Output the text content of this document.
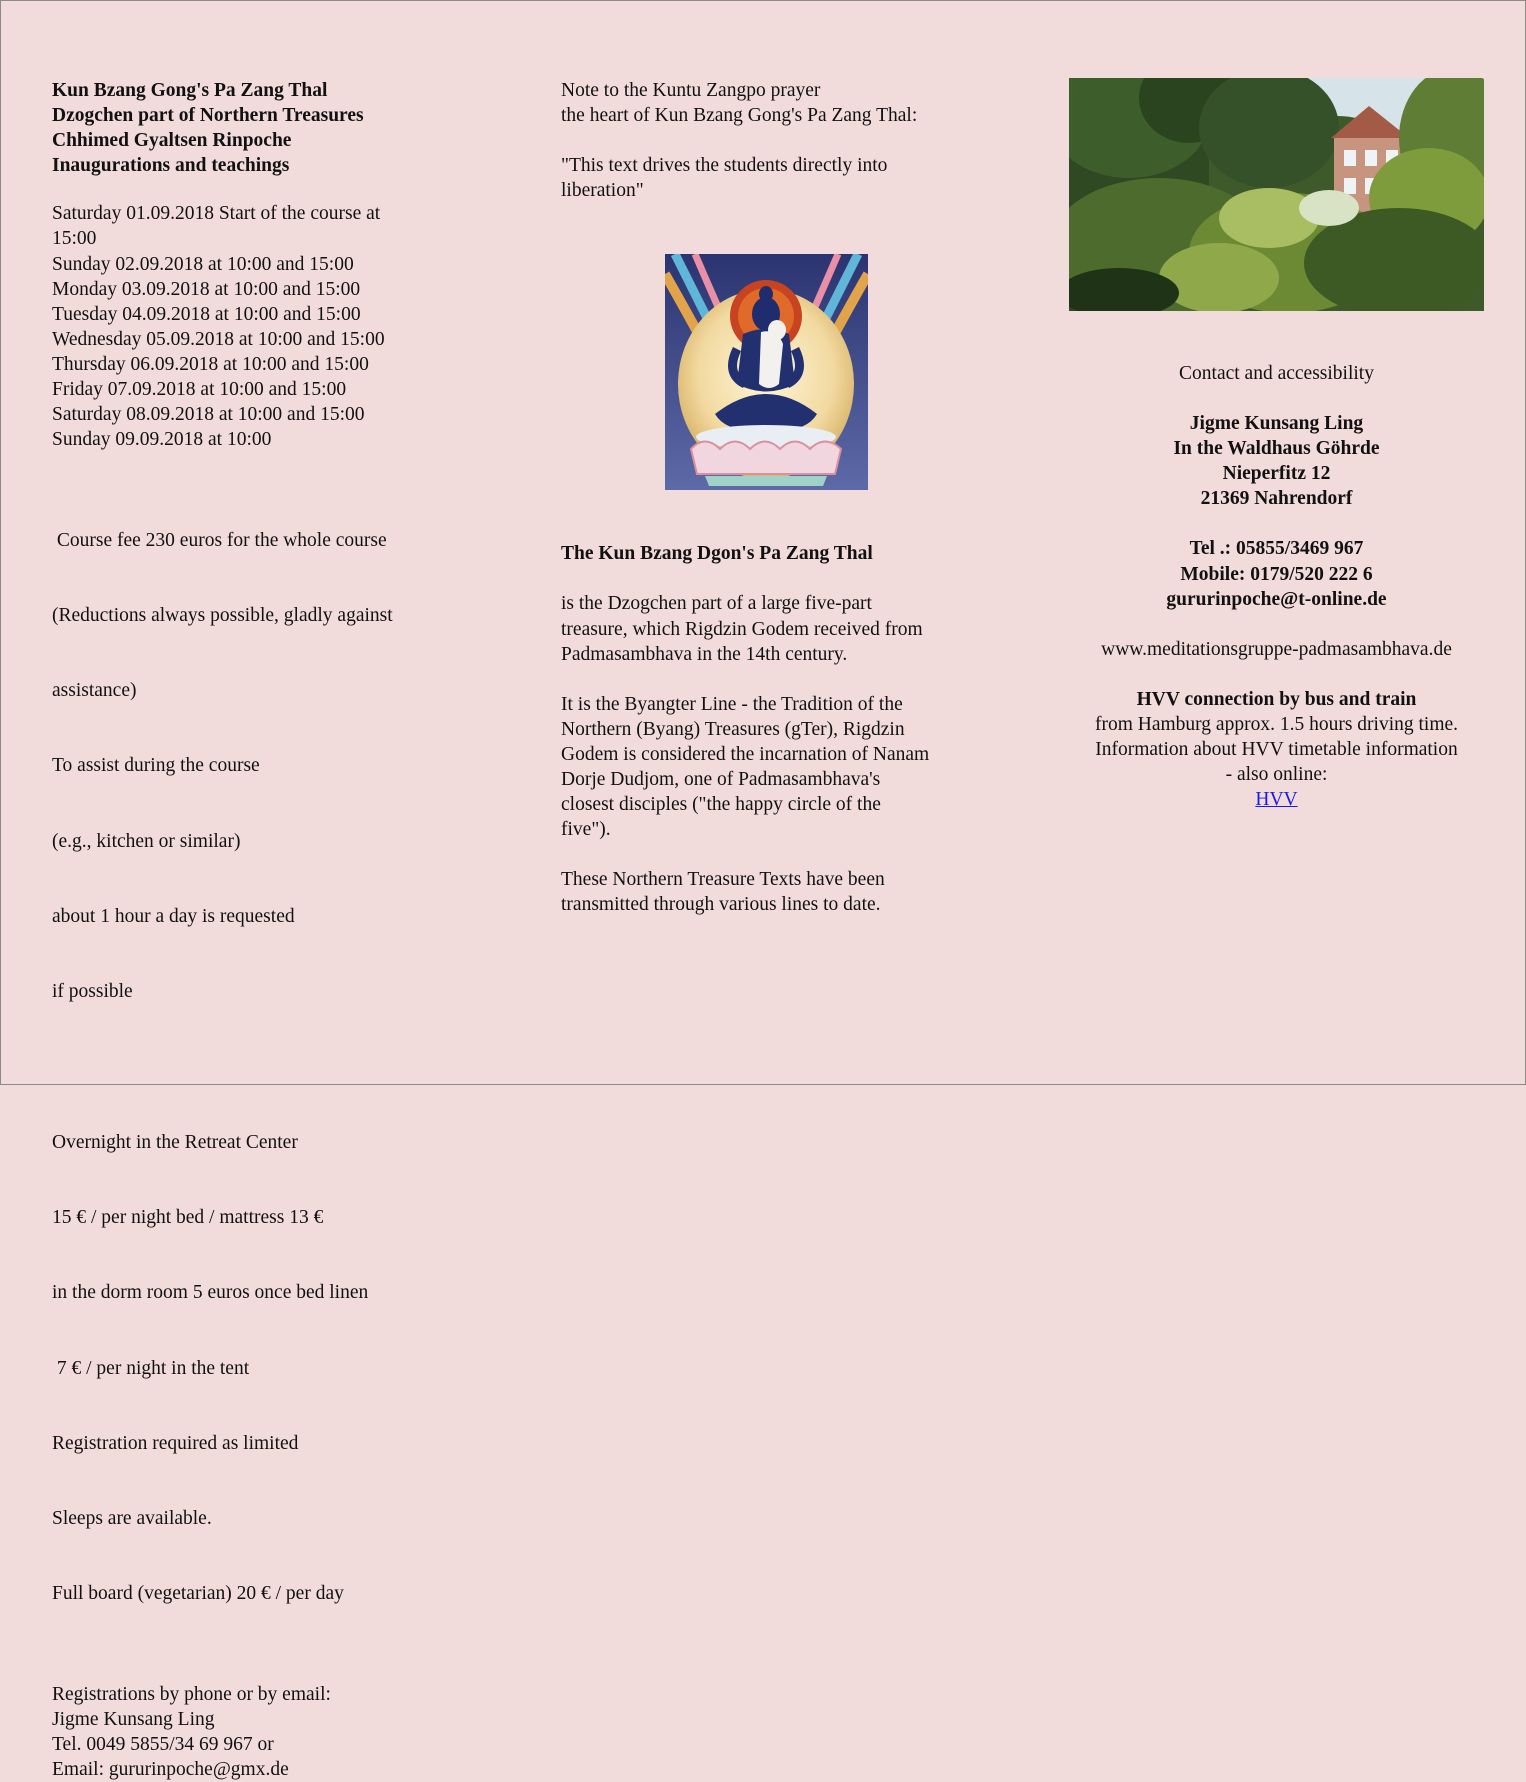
Kun Bzang Gong's Pa Zang Thal

Dzogchen part of Northern Treasures

Chhimed Gyaltsen Rinpoche

Inaugurations and teachings

Saturday 01.09.2018 Start of the course at

15:00

Sunday 02.09.2018 at 10:00 and 15:00

Monday 03.09.2018 at 10:00 and 15:00

Tuesday 04.09.2018 at 10:00 and 15:00

Wednesday 05.09.2018 at 10:00 and 15:00

Thursday 06.09.2018 at 10:00 and 15:00

Friday 07.09.2018 at 10:00 and 15:00

Saturday 08.09.2018 at 10:00 and 15:00

Sunday 09.09.2018 at 10:00

Course fee 230 euros for the whole course

(Reductions always possible, gladly against

assistance)

To assist during the course

(e.g., kitchen or similar)

about 1 hour a day is requested

if possible

Overnight in the Retreat Center

15 € / per night bed / mattress 13 €

in the dorm room 5 euros once bed linen

7 € / per night in the tent

Registration required as limited

Sleeps are available.

Full board (vegetarian) 20 € / per day

Registrations by phone or by email:

Jigme Kunsang Ling

Tel. 0049 5855/34 69 967 or

Email: gururinpoche@gmx.de

Note to the Kuntu Zangpo prayer

the heart of Kun Bzang Gong's Pa Zang Thal:

"This text drives the students directly into

liberation"

The Kun Bzang Dgon's Pa Zang Thal

is the Dzogchen part of a large five-part

treasure, which Rigdzin Godem received from

Padmasambhava in the 14th century.

It is the Byangter Line - the Tradition of the

Northern (Byang) Treasures (gTer), Rigdzin

Godem is considered the incarnation of Nanam

Dorje Dudjom, one of Padmasambhava's

closest disciples ("the happy circle of the

five").

These Northern Treasure Texts have been

transmitted through various lines to date.

Contact and accessibility

Jigme Kunsang Ling

In the Waldhaus Göhrde

Nieperfitz 12

21369 Nahrendorf

Tel .: 05855/3469 967

Mobile: 0179/520 222 6

gururinpoche@t-online.de

www.meditationsgruppe-padmasambhava.de

HVV connection by bus and train

from Hamburg approx. 1.5 hours driving time.

Information about HVV timetable information

- also online:

HVV
